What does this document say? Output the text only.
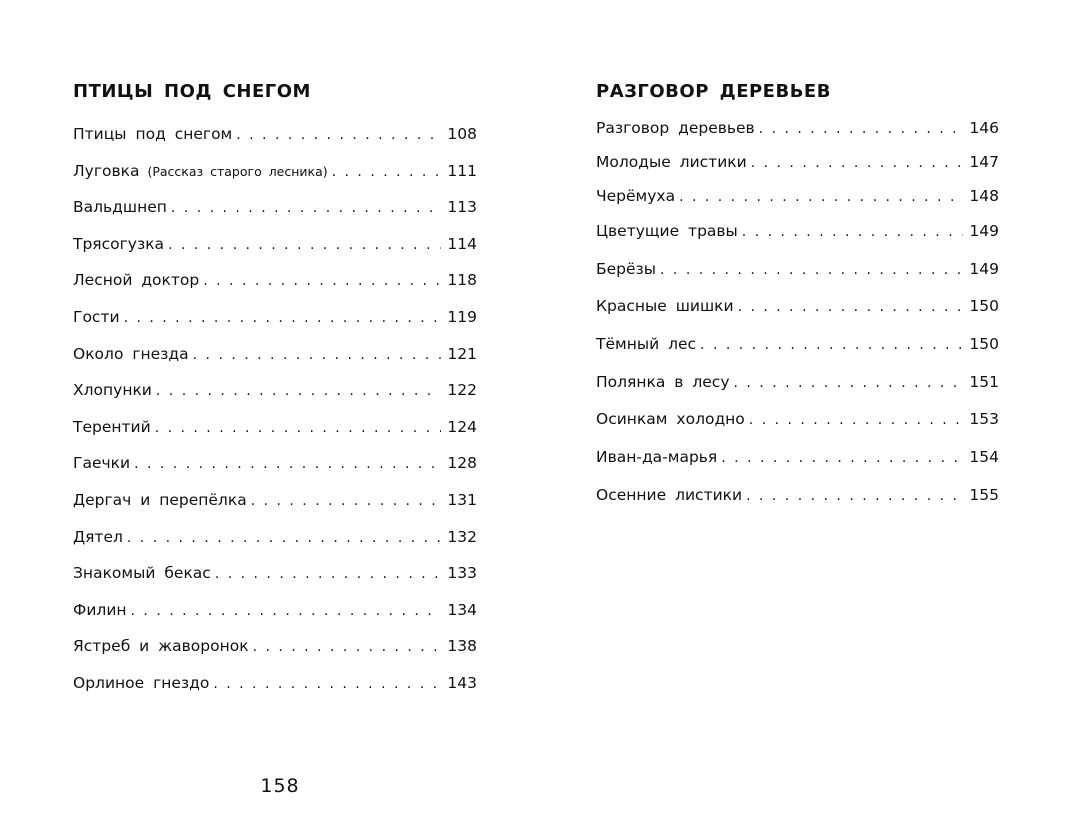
ПТИЦЫ ПОД СНЕГОМ
Птицы под снегом . . .	108
Луговка (Рассказ старого лесника) . . .	111
Вальдшнеп . . .	113
Трясогузка . . .	114
Лесной доктор . . .	118
Гости . . .	119
Около гнезда . . .	121
Хлопунки . . .	122
Терентий . . .	124
Гаечки . . .	128
Дергач и перепёлка . . .	131
Дятел . . .	132
Знакомый бекас . . .	133
Филин . . .	134
Ястреб и жаворонок . . .	138
Орлиное гнездо . . .	143
РАЗГОВОР ДЕРЕВЬЕВ
Разговор деревьев . . .	146
Молодые листики . . .	147
Черёмуха . . .	148
Цветущие травы . . .	149
Берёзы . . .	149
Красные шишки . . .	150
Тёмный лес . . .	150
Полянка в лесу . . .	151
Осинкам холодно . . .	153
Иван-да-марья . . .	154
Осенние листики . . .	155
158
